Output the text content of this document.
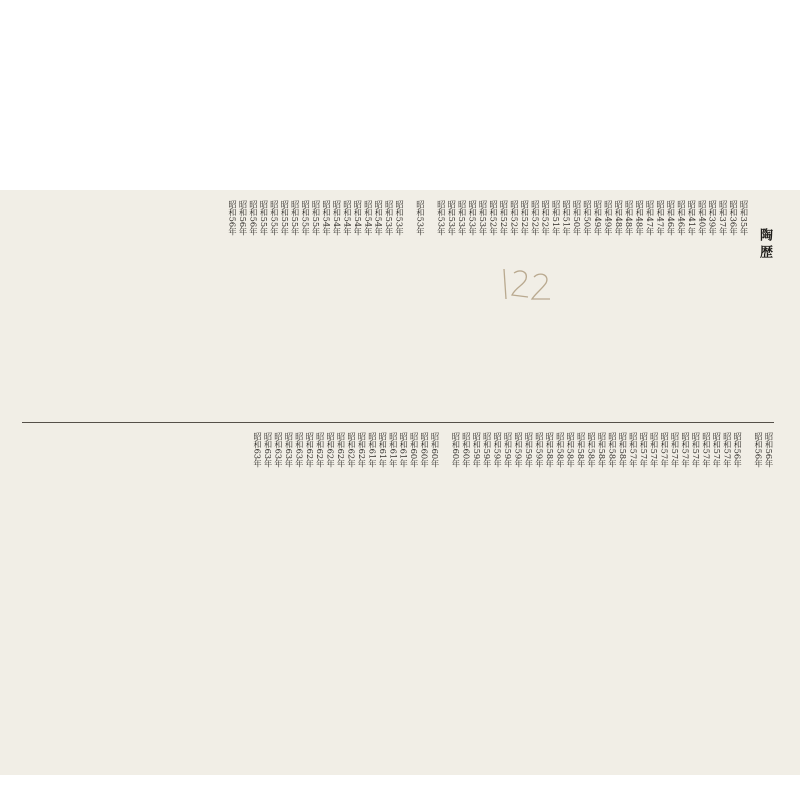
陶歴
昭和35年
昭和36年
昭和37年
昭和39年
昭和40年
昭和41年
昭和46年
昭和46年
昭和47年
昭和47年
昭和48年
昭和48年
昭和48年
昭和49年
昭和49年
昭和50年
昭和50年
昭和51年
昭和51年
昭和52年
昭和52年
昭和52年
昭和52年
昭和52年
昭和52年
昭和53年
昭和53年
昭和53年
昭和53年
昭和53年
昭和53年
昭和53年
昭和53年
昭和54年
昭和54年
昭和54年
昭和54年
昭和54年
昭和54年
昭和55年
昭和55年
昭和55年
昭和55年
昭和55年
昭和55年
昭和56年
昭和56年
昭和56年
昭和56年
昭和56年
昭和56年
昭和57年
昭和57年
昭和57年
昭和57年
昭和57年
昭和57年
昭和57年
昭和57年
昭和57年
昭和57年
昭和58年
昭和58年
昭和58年
昭和58年
昭和58年
昭和58年
昭和58年
昭和58年
昭和59年
昭和59年
昭和59年
昭和59年
昭和59年
昭和59年
昭和59年
昭和60年
昭和60年
昭和60年
昭和60年
昭和60年
昭和61年
昭和61年
昭和61年
昭和61年
昭和62年
昭和62年
昭和62年
昭和62年
昭和62年
昭和62年
昭和63年
昭和63年
昭和63年
昭和63年
昭和63年
152
